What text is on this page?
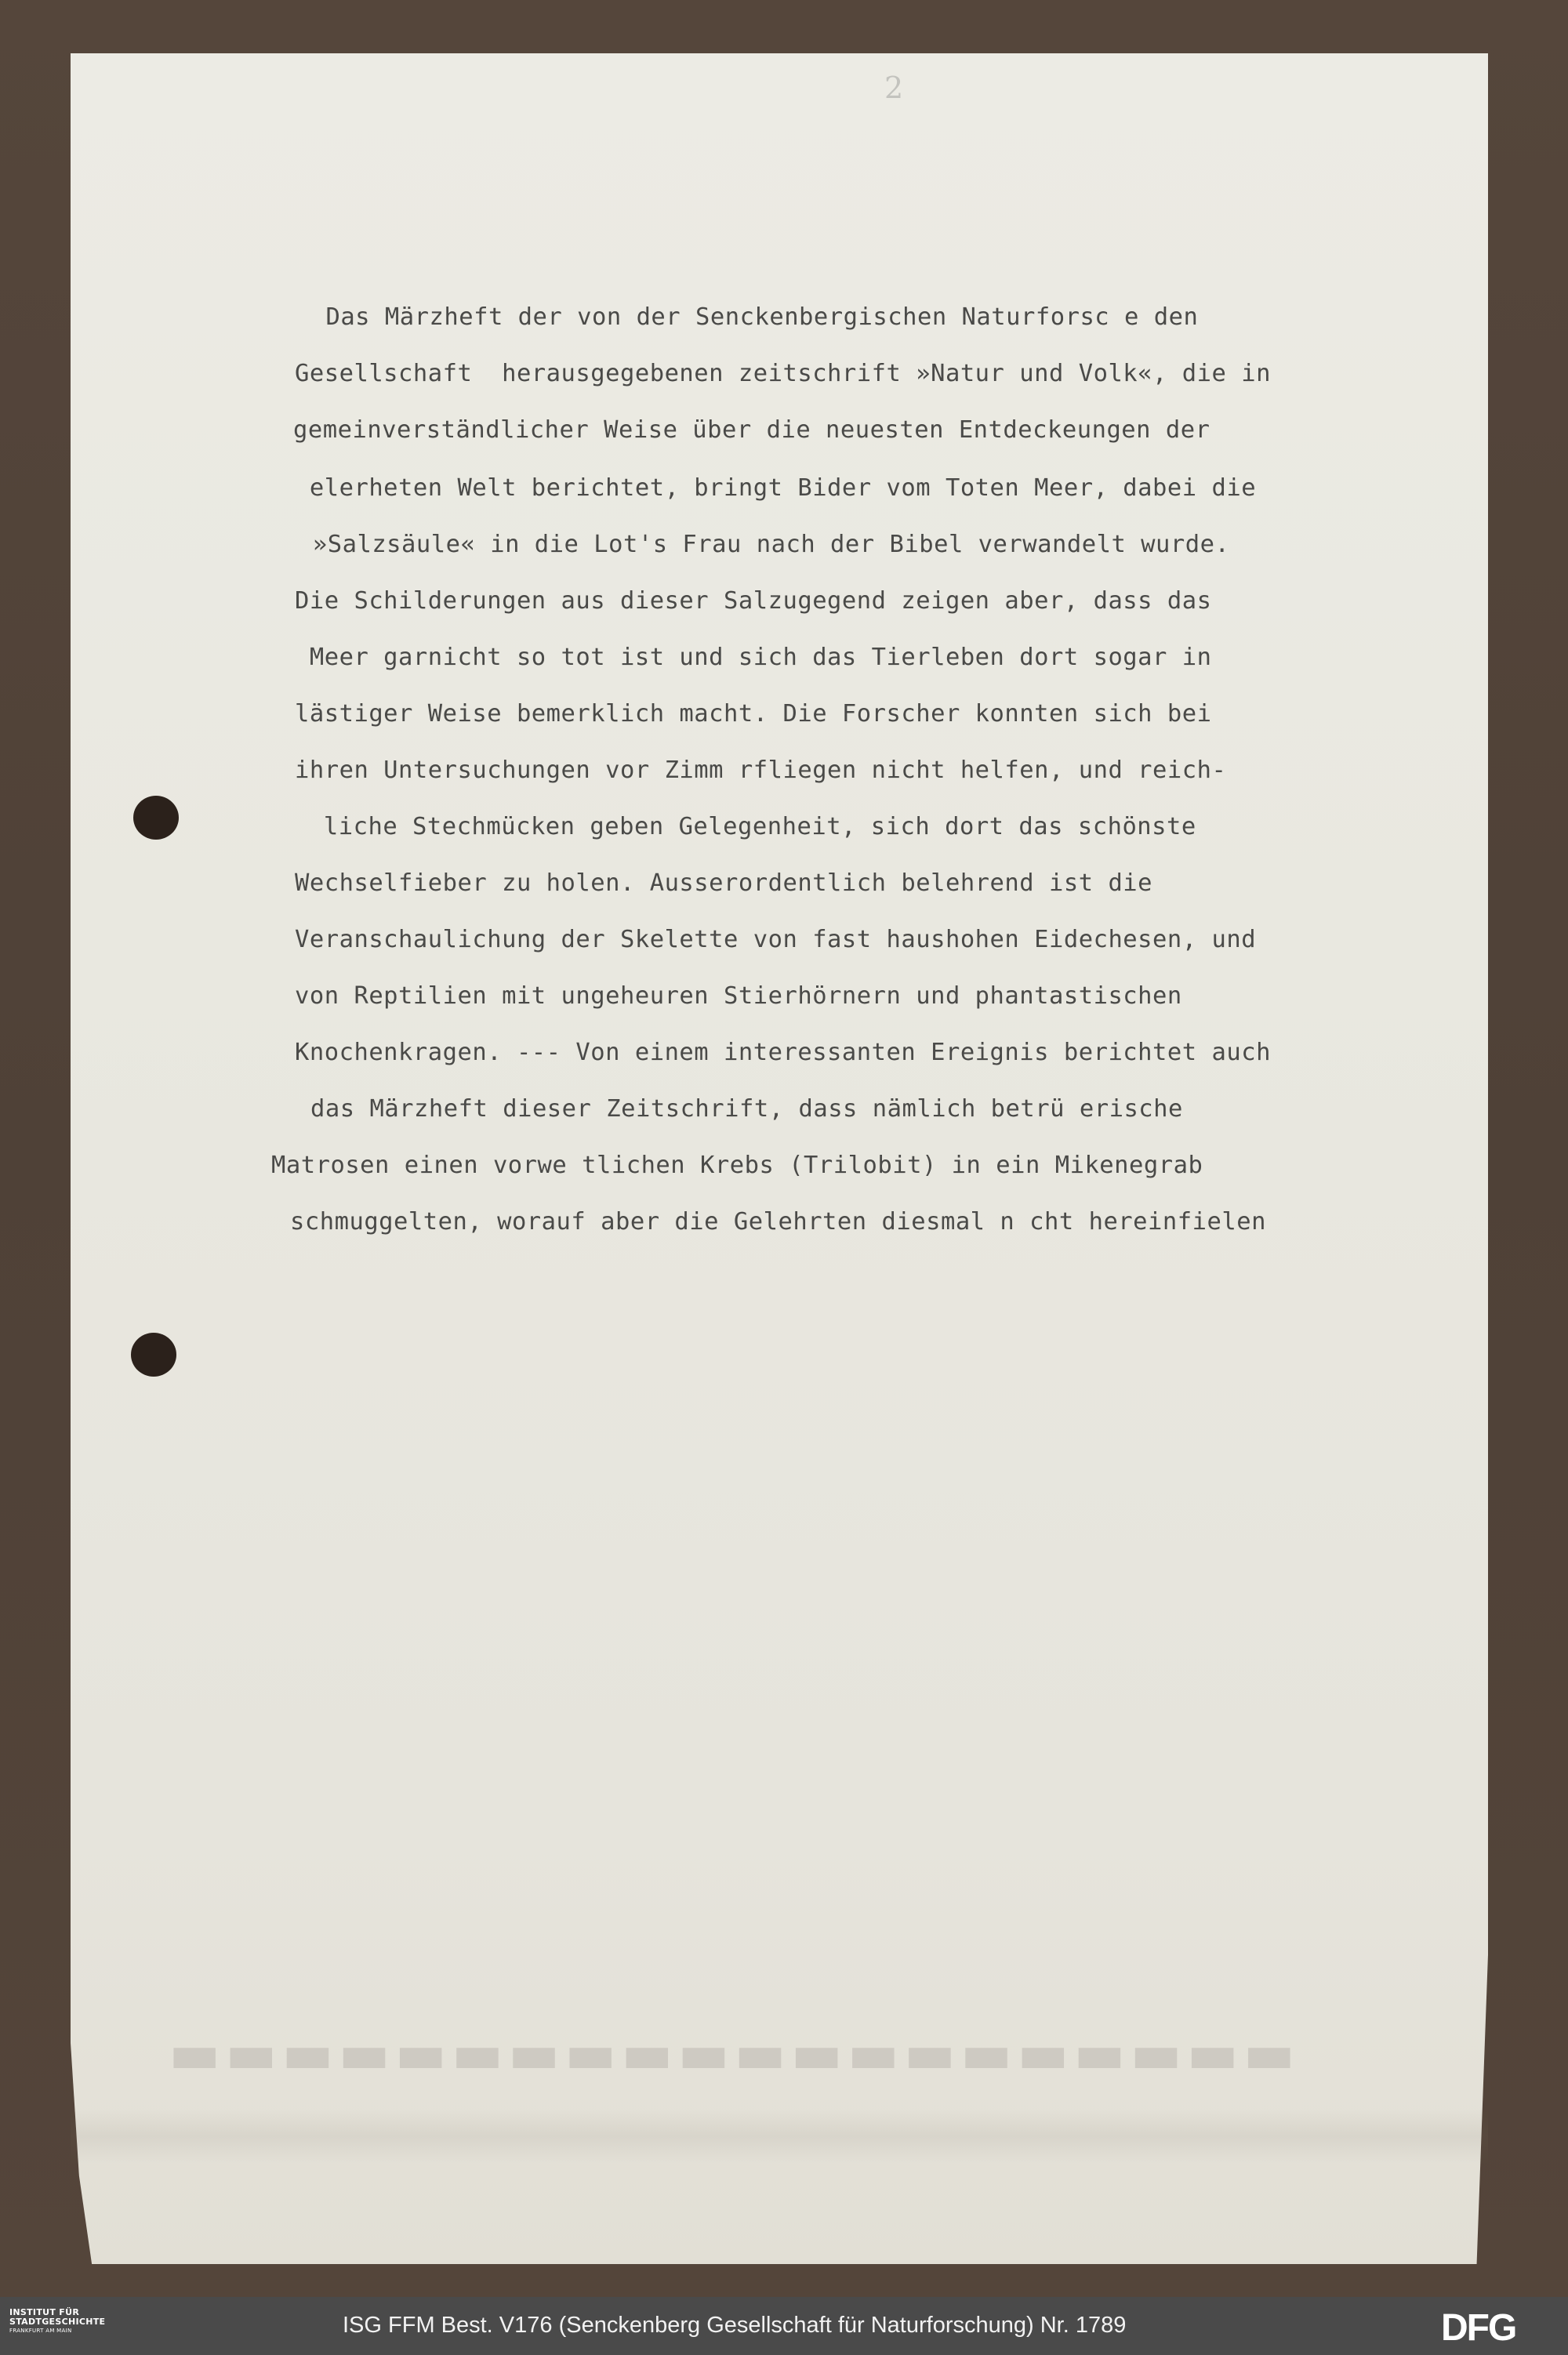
2
▬▬▬▬▬▬▬▬▬▬▬▬▬▬▬▬▬▬▬▬
Das Märzheft der von der Senckenbergischen Naturforsc e den
Gesellschaft  herausgegebenen zeitschrift »Natur und Volk«, die in
gemeinverständlicher Weise über die neuesten Entdeckeungen der
elerheten Welt berichtet, bringt Bider vom Toten Meer, dabei die
»Salzsäule« in die Lot's Frau nach der Bibel verwandelt wurde.
Die Schilderungen aus dieser Salzugegend zeigen aber, dass das
Meer garnicht so tot ist und sich das Tierleben dort sogar in
lästiger Weise bemerklich macht. Die Forscher konnten sich bei
ihren Untersuchungen vor Zimm rfliegen nicht helfen, und reich-
liche Stechmücken geben Gelegenheit, sich dort das schönste
Wechselfieber zu holen. Ausserordentlich belehrend ist die
Veranschaulichung der Skelette von fast haushohen Eidechesen, und
von Reptilien mit ungeheuren Stierhörnern und phantastischen
Knochenkragen. --- Von einem interessanten Ereignis berichtet auch
das Märzheft dieser Zeitschrift, dass nämlich betrü erische
Matrosen einen vorwe tlichen Krebs (Trilobit) in ein Mikenegrab
schmuggelten, worauf aber die Gelehrten diesmal n cht hereinfielen
INSTITUT FÜR
STADTGESCHICHTE
FRANKFURT AM MAIN	ISG FFM Best. V176 (Senckenberg Gesellschaft für Naturforschung) Nr. 1789	DFG
